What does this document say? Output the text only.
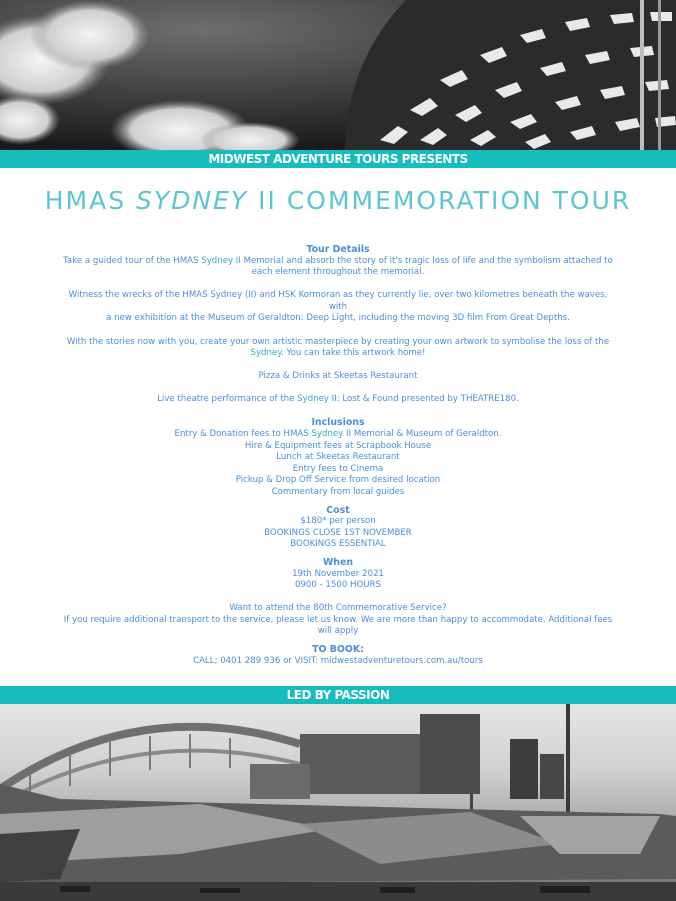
MIDWEST ADVENTURE TOURS PRESENTS
HMAS SYDNEY II COMMEMORATION TOUR

Tour Details

Take a guided tour of the HMAS Sydney II Memorial and absorb the story of it's tragic loss of life and the symbolism attached to

each element throughout the memorial.

Witness the wrecks of the HMAS Sydney (II) and HSK Kormoran as they currently lie, over two kilometres beneath the waves, with

a new exhibition at the Museum of Geraldton: Deep Light, including the moving 3D film From Great Depths.

With the stories now with you, create your own artistic masterpiece by creating your own artwork to symbolise the loss of the

Sydney. You can take this artwork home!

Pizza & Drinks at Skeetas Restaurant

Live theatre performance of the Sydney II: Lost & Found presented by THEATRE180.

Inclusions

Entry & Donation fees to HMAS Sydney II Memorial & Museum of Geraldton.

Hire & Equipment fees at Scrapbook House

Lunch at Skeetas Restaurant

Entry fees to Cinema

Pickup & Drop Off Service from desired location

Commentary from local guides

Cost

$180* per person

BOOKINGS CLOSE 1ST NOVEMBER

BOOKINGS ESSENTIAL

When

19th November 2021

0900 - 1500 HOURS

Want to attend the 80th Commemorative Service?

If you require additional transport to the service, please let us know. We are more than happy to accommodate. Additional fees

will apply

TO BOOK:

CALL; 0401 289 936 or VISIT: midwestadventuretours.com.au/tours

LED BY PASSION
